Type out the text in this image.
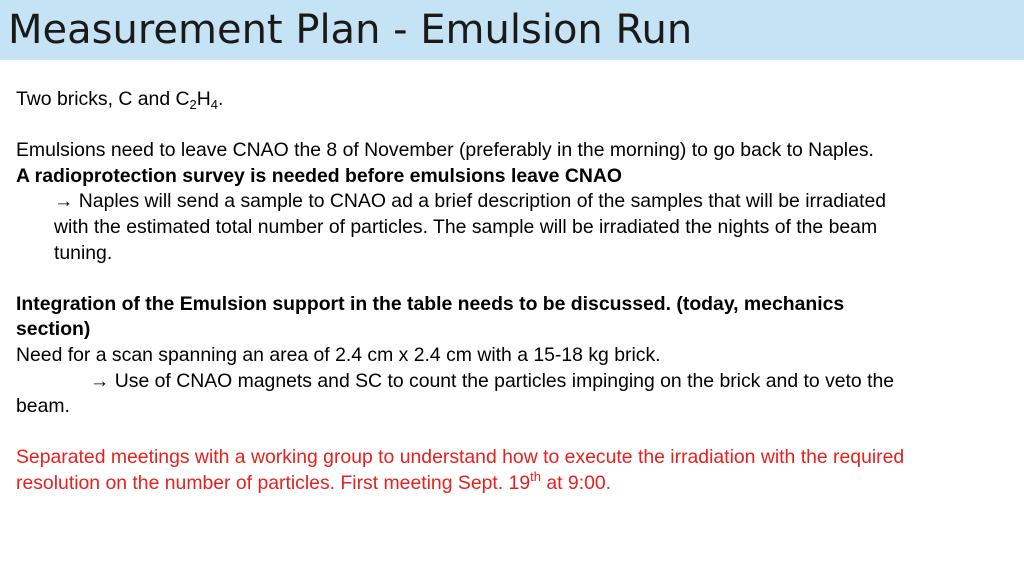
Measurement Plan - Emulsion Run
Two bricks, C and $C_2H_4$.
Emulsions need to leave CNAO the 8 of November (preferably in the morning) to go back to Naples.
A radioprotection survey is needed before emulsions leave CNAO
→ Naples will send a sample to CNAO ad a brief description of the samples that will be irradiated
with the estimated total number of particles. The sample will be irradiated the nights of the beam
tuning.
Integration of the Emulsion support in the table needs to be discussed. (today, mechanics
section)
Need for a scan spanning an area of 2.4 cm x 2.4 cm with a 15-18 kg brick.
→ Use of CNAO magnets and SC to count the particles impinging on the brick and to veto the
beam.
Separated meetings with a working group to understand how to execute the irradiation with the required
resolution on the number of particles. First meeting Sept. 19th at 9:00.
